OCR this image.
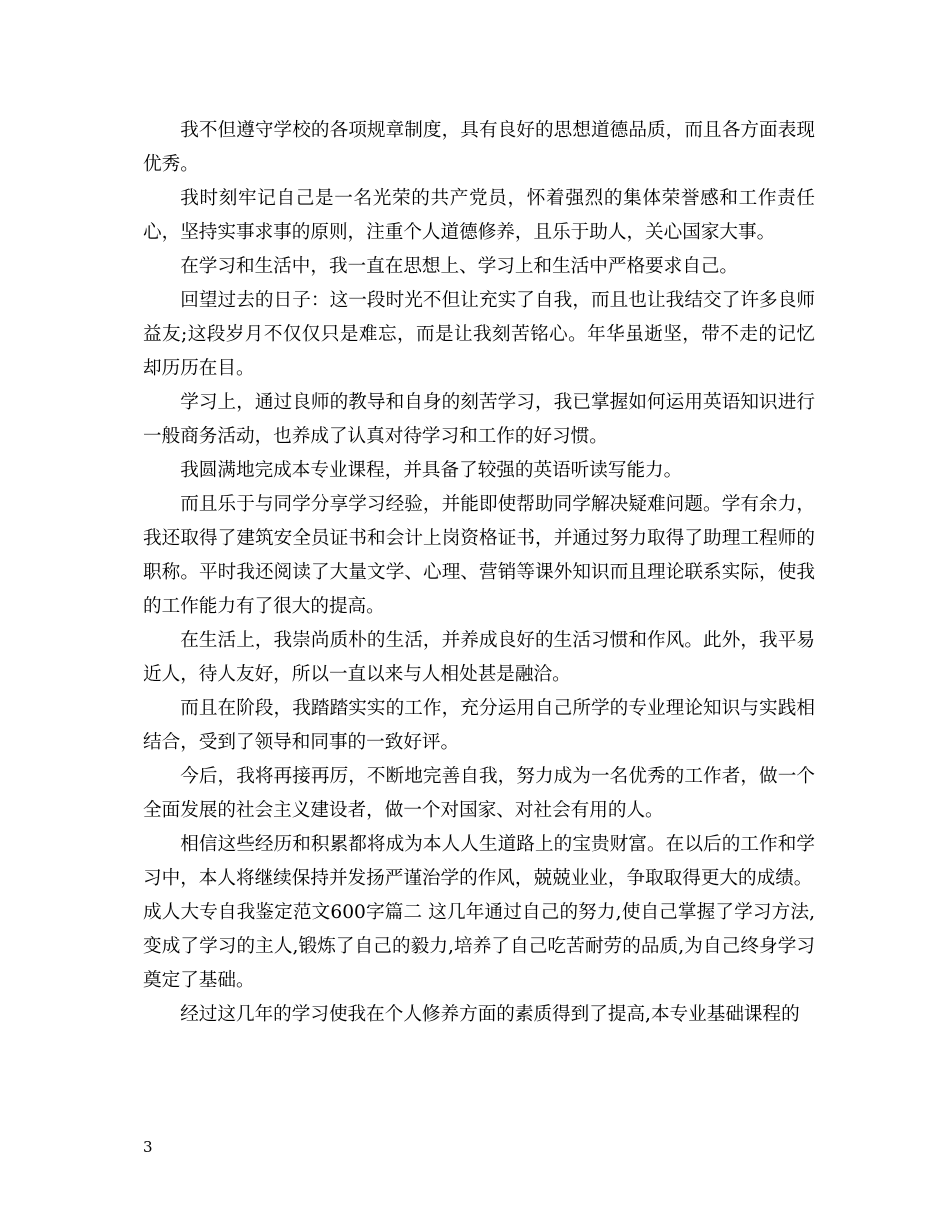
我不但遵守学校的各项规章制度，具有良好的思想道德品质，而且各方面表现优秀。

我时刻牢记自己是一名光荣的共产党员，怀着强烈的集体荣誉感和工作责任心，坚持实事求事的原则，注重个人道德修养，且乐于助人，关心国家大事。

在学习和生活中，我一直在思想上、学习上和生活中严格要求自己。

回望过去的日子：这一段时光不但让充实了自我，而且也让我结交了许多良师益友;这段岁月不仅仅只是难忘，而是让我刻苦铭心。年华虽逝坚，带不走的记忆却历历在目。

学习上，通过良师的教导和自身的刻苦学习，我已掌握如何运用英语知识进行一般商务活动，也养成了认真对待学习和工作的好习惯。

我圆满地完成本专业课程，并具备了较强的英语听读写能力。

而且乐于与同学分享学习经验，并能即使帮助同学解决疑难问题。学有余力，我还取得了建筑安全员证书和会计上岗资格证书，并通过努力取得了助理工程师的职称。平时我还阅读了大量文学、心理、营销等课外知识而且理论联系实际，使我的工作能力有了很大的提高。

在生活上，我崇尚质朴的生活，并养成良好的生活习惯和作风。此外，我平易近人，待人友好，所以一直以来与人相处甚是融洽。

而且在阶段，我踏踏实实的工作，充分运用自己所学的专业理论知识与实践相结合，受到了领导和同事的一致好评。

今后，我将再接再厉，不断地完善自我，努力成为一名优秀的工作者，做一个全面发展的社会主义建设者，做一个对国家、对社会有用的人。

相信这些经历和积累都将成为本人人生道路上的宝贵财富。在以后的工作和学习中，本人将继续保持并发扬严谨治学的作风，兢兢业业，争取取得更大的成绩。

成人大专自我鉴定范文600字篇二 这几年通过自己的努力,使自己掌握了学习方法,变成了学习的主人,锻炼了自己的毅力,培养了自己吃苦耐劳的品质,为自己终身学习奠定了基础。

经过这几年的学习使我在个人修养方面的素质得到了提高,本专业基础课程的

3
